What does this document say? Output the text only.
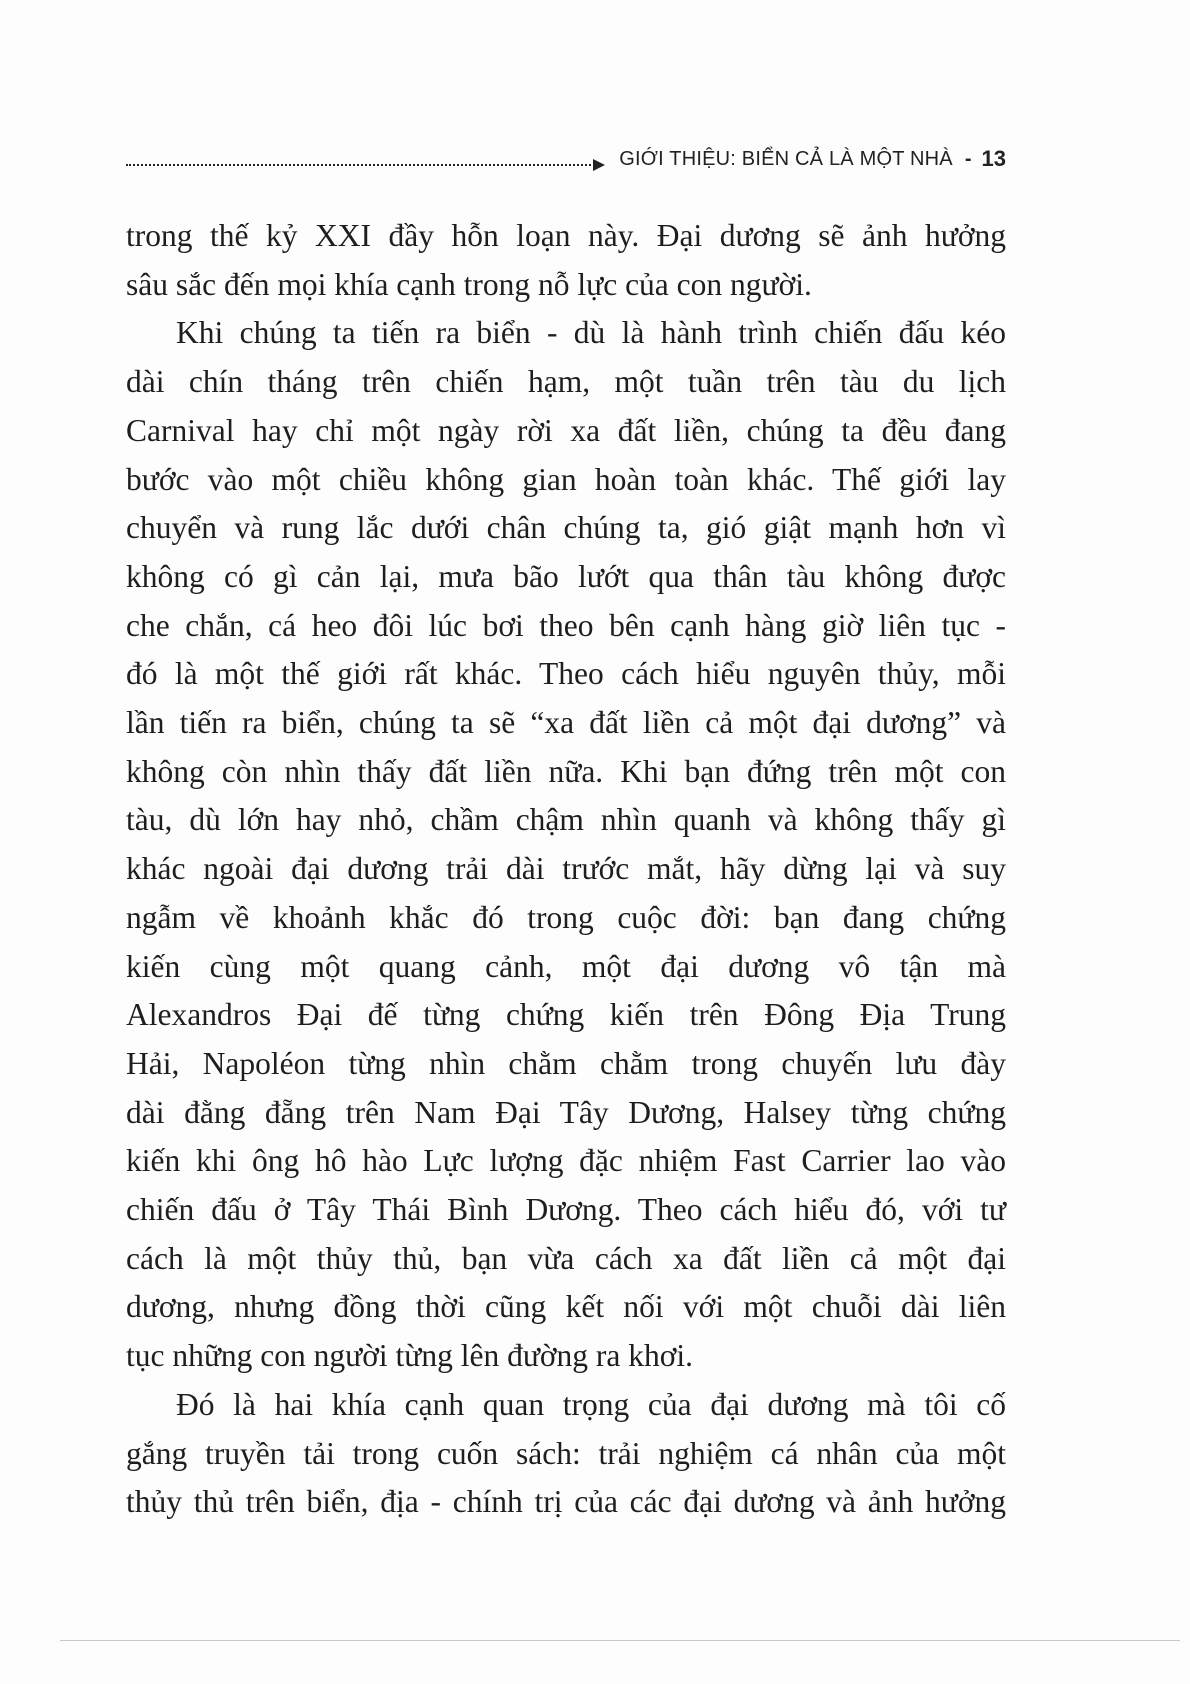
GIỚI THIỆU: BIỂN CẢ LÀ MỘT NHÀ - 13
trong thế kỷ XXI đầy hỗn loạn này. Đại dương sẽ ảnh hưởng
sâu sắc đến mọi khía cạnh trong nỗ lực của con người.
Khi chúng ta tiến ra biển - dù là hành trình chiến đấu kéo
dài chín tháng trên chiến hạm, một tuần trên tàu du lịch
Carnival hay chỉ một ngày rời xa đất liền, chúng ta đều đang
bước vào một chiều không gian hoàn toàn khác. Thế giới lay
chuyển và rung lắc dưới chân chúng ta, gió giật mạnh hơn vì
không có gì cản lại, mưa bão lướt qua thân tàu không được
che chắn, cá heo đôi lúc bơi theo bên cạnh hàng giờ liên tục -
đó là một thế giới rất khác. Theo cách hiểu nguyên thủy, mỗi
lần tiến ra biển, chúng ta sẽ “xa đất liền cả một đại dương” và
không còn nhìn thấy đất liền nữa. Khi bạn đứng trên một con
tàu, dù lớn hay nhỏ, chầm chậm nhìn quanh và không thấy gì
khác ngoài đại dương trải dài trước mắt, hãy dừng lại và suy
ngẫm về khoảnh khắc đó trong cuộc đời: bạn đang chứng
kiến cùng một quang cảnh, một đại dương vô tận mà
Alexandros Đại đế từng chứng kiến trên Đông Địa Trung
Hải, Napoléon từng nhìn chằm chằm trong chuyến lưu đày
dài đằng đẵng trên Nam Đại Tây Dương, Halsey từng chứng
kiến khi ông hô hào Lực lượng đặc nhiệm Fast Carrier lao vào
chiến đấu ở Tây Thái Bình Dương. Theo cách hiểu đó, với tư
cách là một thủy thủ, bạn vừa cách xa đất liền cả một đại
dương, nhưng đồng thời cũng kết nối với một chuỗi dài liên
tục những con người từng lên đường ra khơi.
Đó là hai khía cạnh quan trọng của đại dương mà tôi cố
gắng truyền tải trong cuốn sách: trải nghiệm cá nhân của một
thủy thủ trên biển, địa - chính trị của các đại dương và ảnh hưởng
